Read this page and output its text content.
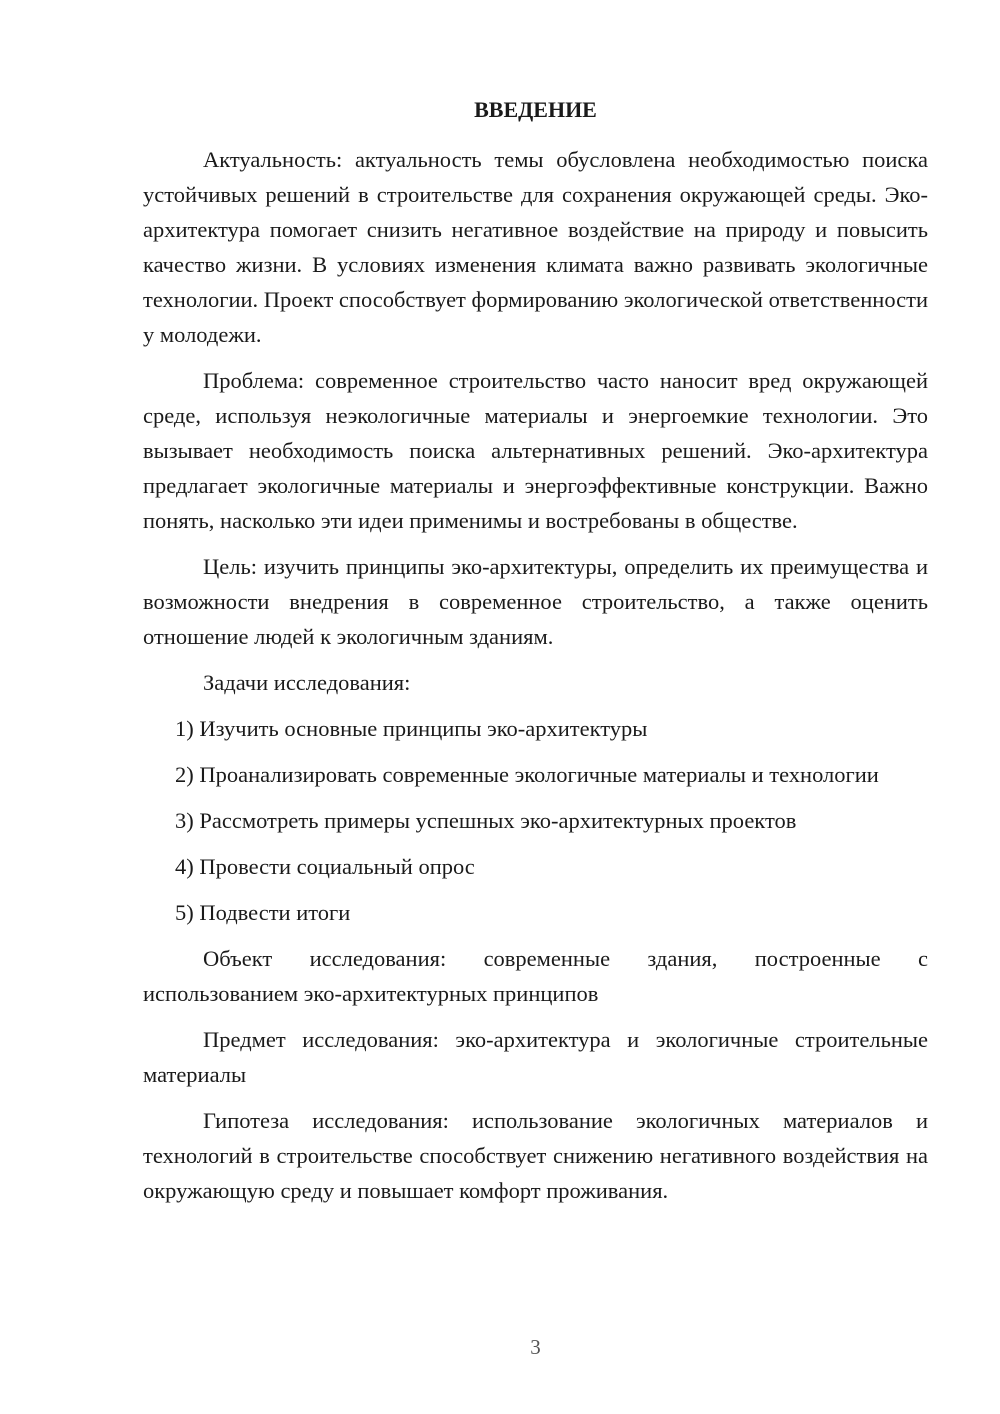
ВВЕДЕНИЕ

Актуальность: актуальность темы обусловлена необходимостью поиска устойчивых решений в строительстве для сохранения окружающей среды. Эко-архитектура помогает снизить негативное воздействие на природу и повысить качество жизни. В условиях изменения климата важно развивать экологичные технологии. Проект способствует формированию экологической ответственности у молодежи.

Проблема: современное строительство часто наносит вред окружающей среде, используя неэкологичные материалы и энергоемкие технологии. Это вызывает необходимость поиска альтернативных решений. Эко-архитектура предлагает экологичные материалы и энергоэффективные конструкции. Важно понять, насколько эти идеи применимы и востребованы в обществе.

Цель: изучить принципы эко-архитектуры, определить их преимущества и возможности внедрения в современное строительство, а также оценить отношение людей к экологичным зданиям.

Задачи исследования:

1) Изучить основные принципы эко-архитектуры

2) Проанализировать современные экологичные материалы и технологии

3) Рассмотреть примеры успешных эко-архитектурных проектов

4) Провести социальный опрос

5) Подвести итоги

Объект исследования: современные здания, построенные с использованием эко-архитектурных принципов

Предмет исследования: эко-архитектура и экологичные строительные материалы

Гипотеза исследования: использование экологичных материалов и технологий в строительстве способствует снижению негативного воздействия на окружающую среду и повышает комфорт проживания.

3
